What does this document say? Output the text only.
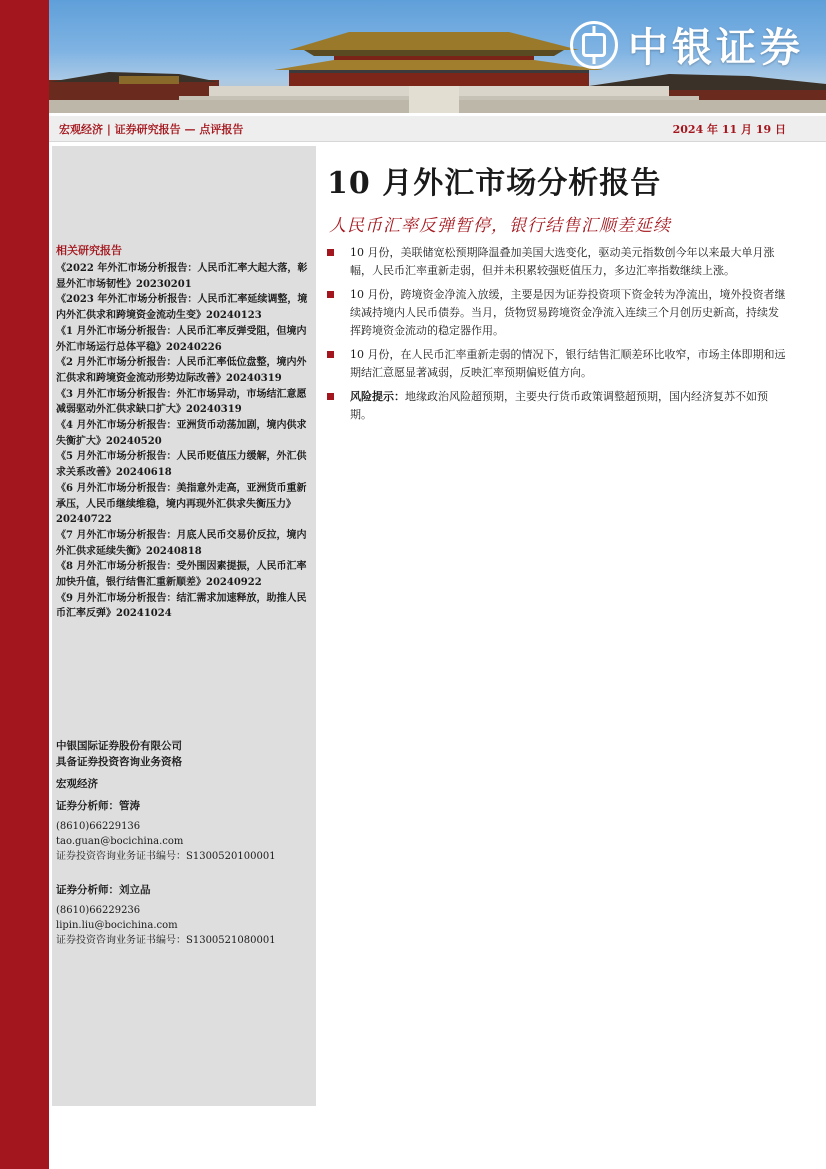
中银证券
宏观经济 | 证券研究报告 — 点评报告	2024 年 11 月 19 日
相关研究报告
《2022 年外汇市场分析报告：人民币汇率大起大落，彰显外汇市场韧性》20230201
《2023 年外汇市场分析报告：人民币汇率延续调整，境内外汇供求和跨境资金流动生变》20240123
《1 月外汇市场分析报告：人民币汇率反弹受阻，但境内外汇市场运行总体平稳》20240226
《2 月外汇市场分析报告：人民币汇率低位盘整，境内外汇供求和跨境资金流动形势边际改善》20240319
《3 月外汇市场分析报告：外汇市场异动，市场结汇意愿减弱驱动外汇供求缺口扩大》20240319
《4 月外汇市场分析报告：亚洲货币动荡加剧，境内供求失衡扩大》20240520
《5 月外汇市场分析报告：人民币贬值压力缓解，外汇供求关系改善》20240618
《6 月外汇市场分析报告：美指意外走高，亚洲货币重新承压，人民币继续维稳，境内再现外汇供求失衡压力》20240722
《7 月外汇市场分析报告：月底人民币交易价反拉，境内外汇供求延续失衡》20240818
《8 月外汇市场分析报告：受外围因素提振，人民币汇率加快升值，银行结售汇重新顺差》20240922
《9 月外汇市场分析报告：结汇需求加速释放，助推人民币汇率反弹》20241024
中银国际证券股份有限公司
具备证券投资咨询业务资格
宏观经济
证券分析师：管涛
(8610)66229136
tao.guan@bocichina.com
证券投资咨询业务证书编号：S1300520100001
证券分析师：刘立品
(8610)66229236
lipin.liu@bocichina.com
证券投资咨询业务证书编号：S1300521080001
10 月外汇市场分析报告
人民币汇率反弹暂停，银行结售汇顺差延续
10 月份，美联储宽松预期降温叠加美国大选变化，驱动美元指数创今年以来最大单月涨幅，人民币汇率重新走弱，但并未积累较强贬值压力，多边汇率指数继续上涨。
10 月份，跨境资金净流入放缓，主要是因为证券投资项下资金转为净流出，境外投资者继续减持境内人民币债券。当月，货物贸易跨境资金净流入连续三个月创历史新高，持续发挥跨境资金流动的稳定器作用。
10 月份，在人民币汇率重新走弱的情况下，银行结售汇顺差环比收窄，市场主体即期和远期结汇意愿显著减弱，反映汇率预期偏贬值方向。
风险提示：地缘政治风险超预期，主要央行货币政策调整超预期，国内经济复苏不如预期。
